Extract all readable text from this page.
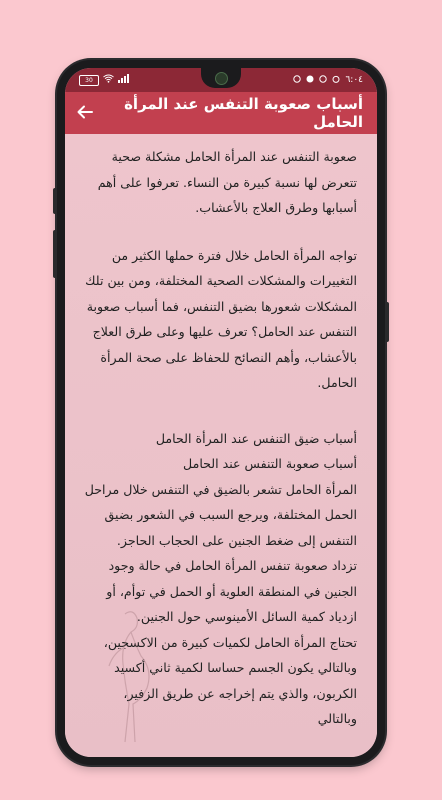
30	٦:٠٤
أسباب صعوبة التنفس عند المرأة الحامل

صعوبة التنفس عند المرأة الحامل مشكلة صحية تتعرض لها نسبة كبيرة من النساء. تعرفوا على أهم أسبابها وطرق العلاج بالأعشاب.

تواجه المرأة الحامل خلال فترة حملها الكثير من التغييرات والمشكلات الصحية المختلفة، ومن بين تلك المشكلات شعورها بضيق التنفس، فما أسباب صعوبة التنفس عند الحامل؟ تعرف عليها وعلى طرق العلاج بالأعشاب، وأهم النصائح للحفاظ على صحة المرأة الحامل.

أسباب ضيق التنفس عند المرأة الحامل

أسباب صعوبة التنفس عند الحامل

المرأة الحامل تشعر بالضيق في التنفس خلال مراحل الحمل المختلفة، ويرجع السبب في الشعور بضيق التنفس إلى ضغط الجنين على الحجاب الحاجز.

تزداد صعوبة تنفس المرأة الحامل في حالة وجود الجنين في المنطقة العلوية أو الحمل في توأم، أو ازدياد كمية السائل الأمينوسي حول الجنين.

تحتاج المرأة الحامل لكميات كبيرة من الاكسجين، وبالتالي يكون الجسم حساسا لكمية ثاني أكسيد الكربون، والذي يتم إخراجه عن طريق الزفير، وبالتالي
